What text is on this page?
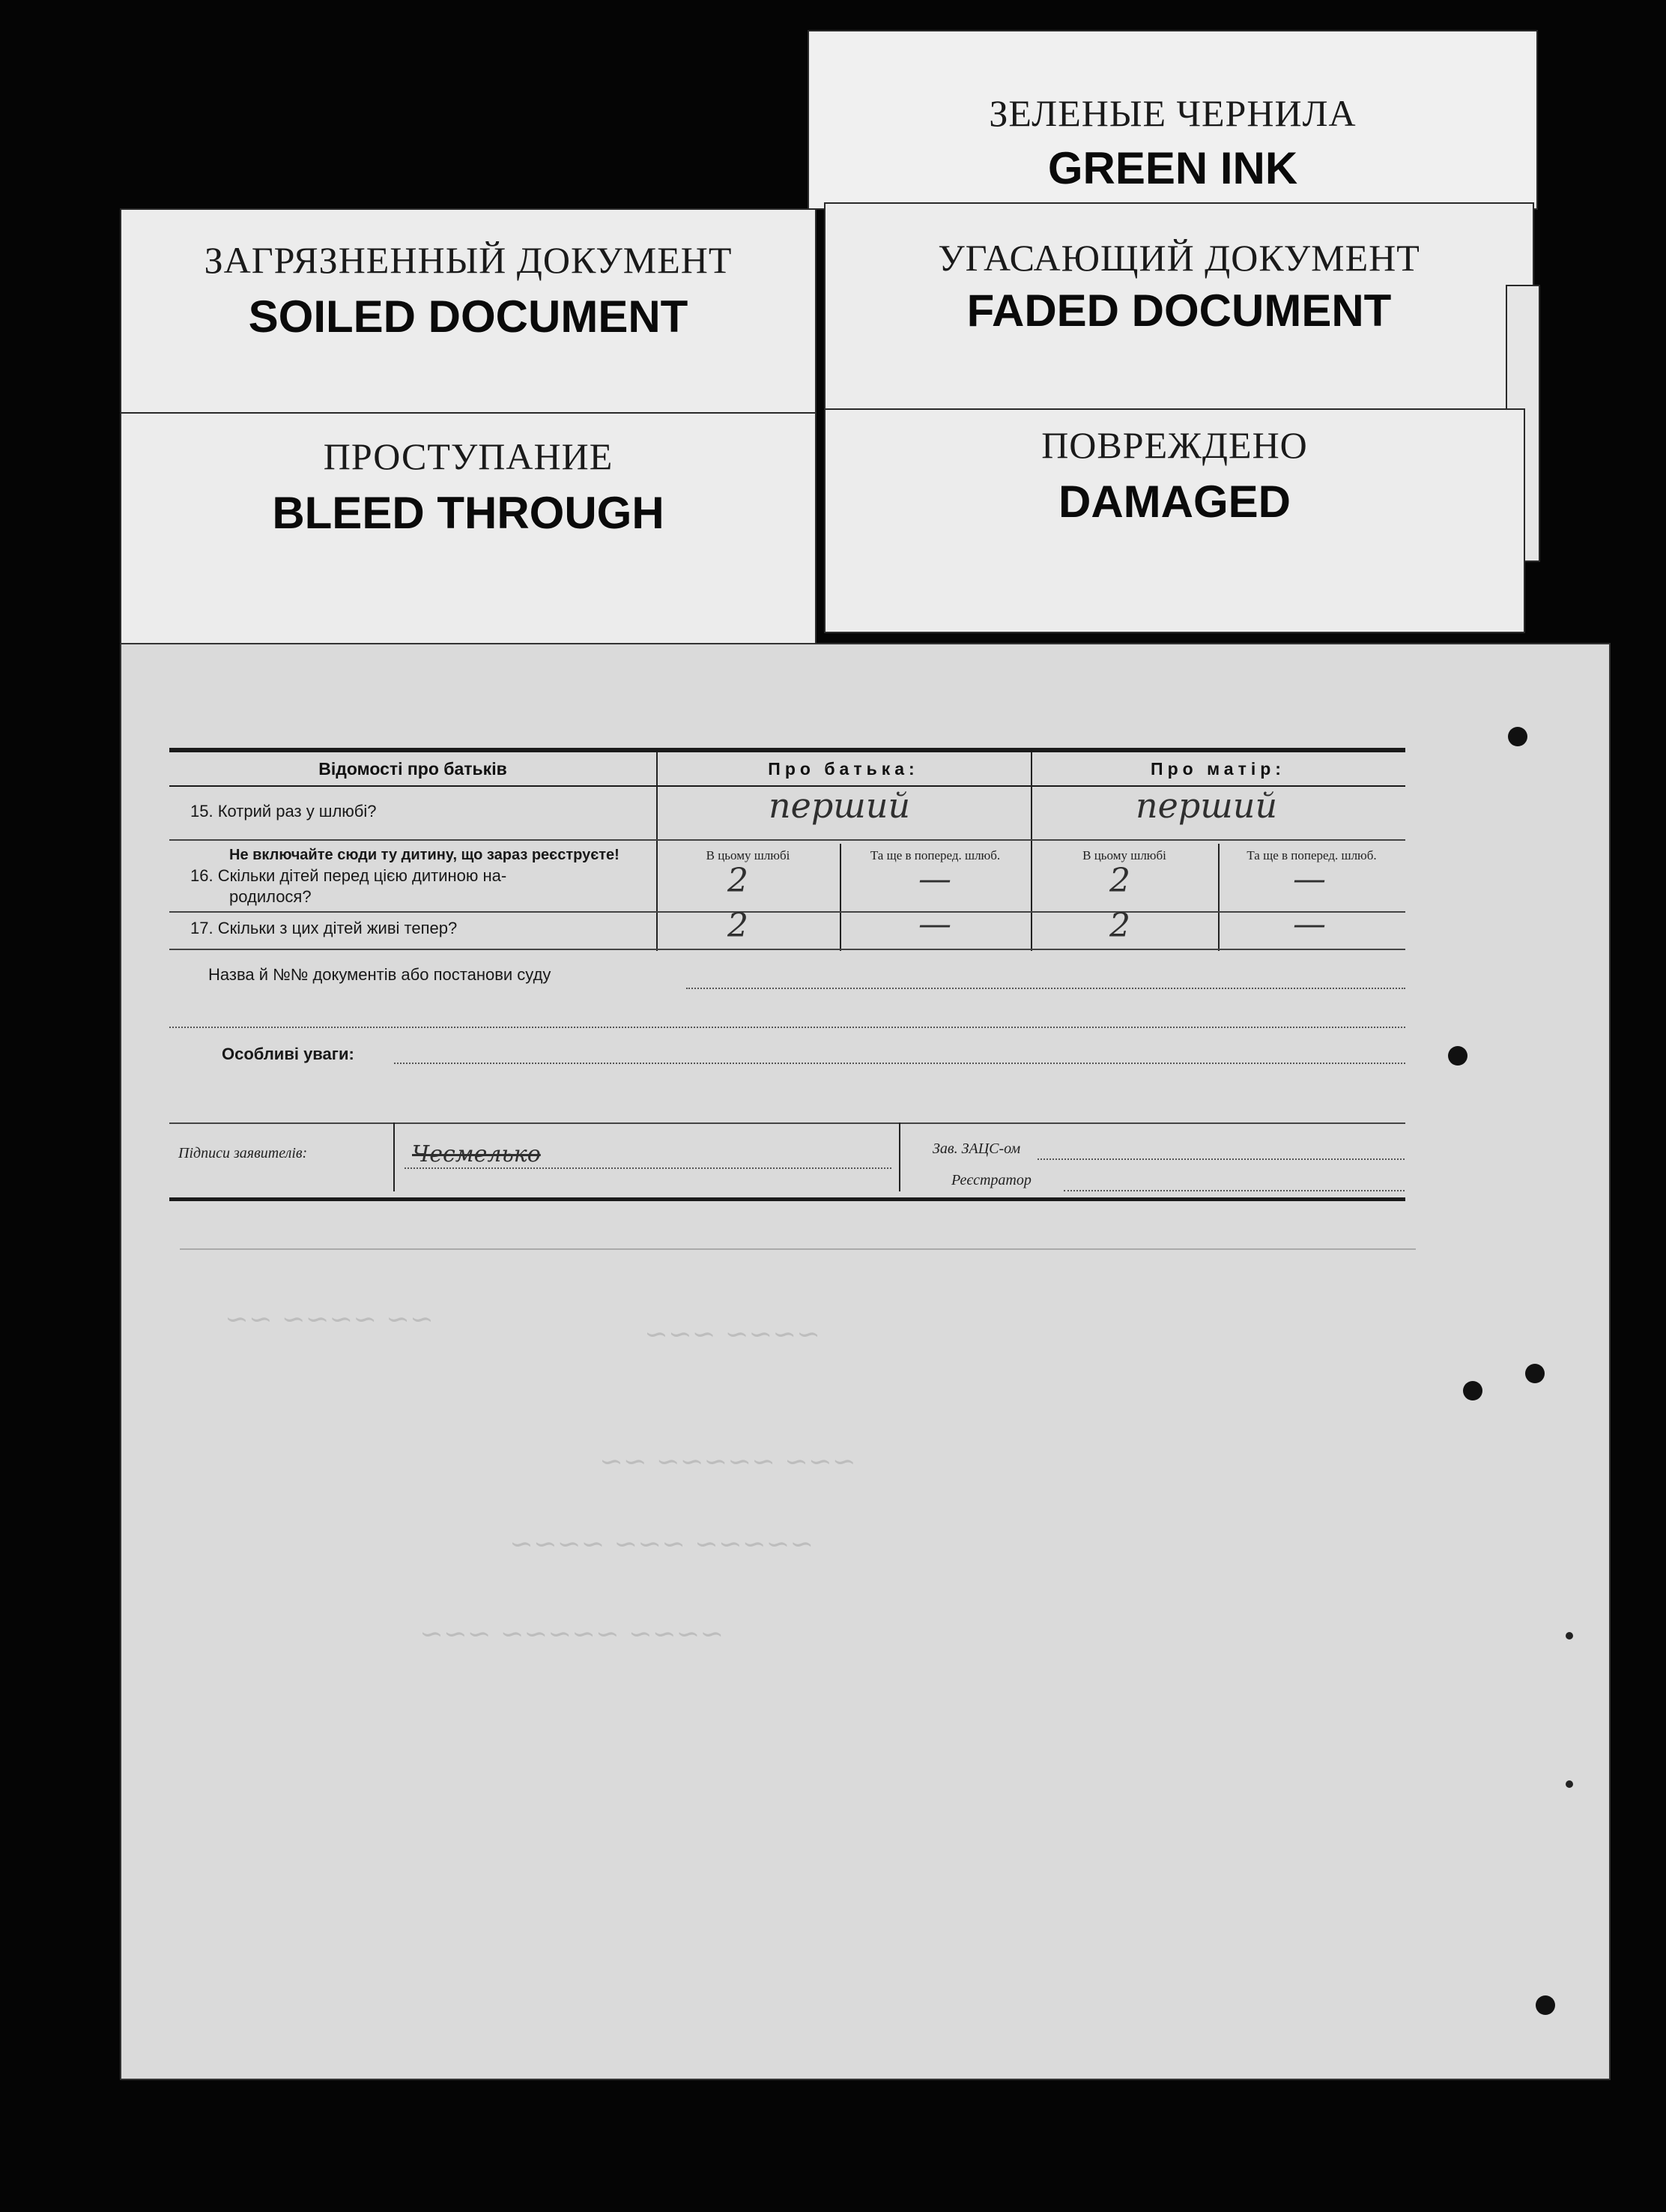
ЗЕЛЕНЫЕ ЧЕРНИЛА
GREEN INK
УГАСАЮЩИЙ ДОКУМЕНТ
FADED DOCUMENT
ЗАГРЯЗНЕННЫЙ ДОКУМЕНТ
SOILED DOCUMENT
ПРОСТУПАНИЕ
BLEED THROUGH
ПОВРЕЖДЕНО
DAMAGED
~~ ~~~~ ~~	~~~~ ~~~
~~~ ~~~~~ ~~
~~~~~ ~~~ ~~~~
~~~~ ~~~~~ ~~~
Відомості про батьків	Про батька:	Про матір:
15. Котрий раз у шлюбі?	перший	перший
Не включайте сюди ту дитину, що зараз реєструєте!
16. Скільки дітей перед цією дитиною на-
родилося?
В цьому шлюбі	Та ще в поперед. шлюб.	В цьому шлюбі	Та ще в поперед. шлюб.
2	—	2	—
17. Скільки з цих дітей живі тепер?	2	—	2	—
Назва й №№ документів або постанови суду
Особливі уваги:
Підписи заявителів:	Чесмелько	Зав. ЗАЦС-ом
Реєстратор
